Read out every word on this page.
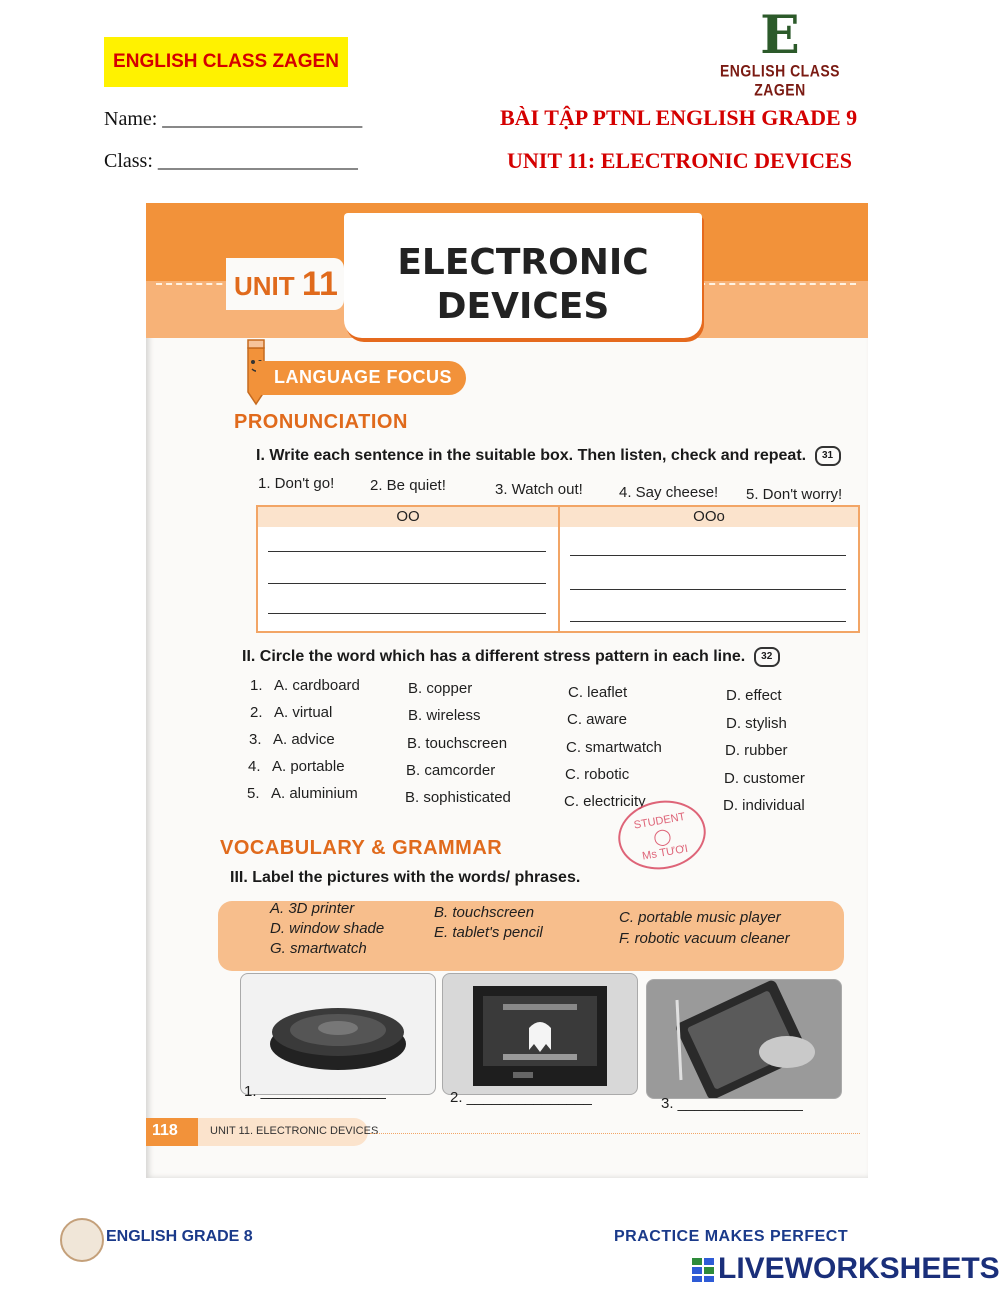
ENGLISH CLASS ZAGEN	E
ENGLISH CLASS ZAGEN
Name: ____________________
Class: ____________________
BÀI TẬP PTNL ENGLISH GRADE 9
UNIT 11: ELECTRONIC DEVICES
UNIT 11
ELECTRONIC
DEVICES
LANGUAGE FOCUS
PRONUNCIATION
I. Write each sentence in the suitable box. Then listen, check and repeat. 31
1. Don't go! 2. Be quiet!	3. Watch out! 4. Say cheese! 5. Don't worry!
OO	OOo
II. Circle the word which has a different stress pattern in each line. 32
1. A. cardboard	B. copper	C. leaflet	D. effect
2. A. virtual	B. wireless	C. aware	D. stylish
3. A. advice	B. touchscreen	C. smartwatch	D. rubber
4. A. portable	B. camcorder	C. robotic	D. customer
5. A. aluminium	B. sophisticated	C. electricity	D. individual
STUDENT
◯
Ms TƯƠI
VOCABULARY & GRAMMAR
III. Label the pictures with the words/ phrases.
A. 3D printer	B. touchscreen	C. portable music player
D. window shade	E. tablet's pencil	F. robotic vacuum cleaner
G. smartwatch
1. _______________	2. _______________	3. _______________
118	UNIT 11. ELECTRONIC DEVICES
ENGLISH GRADE 8	PRACTICE MAKES PERFECT
LIVEWORKSHEETS
